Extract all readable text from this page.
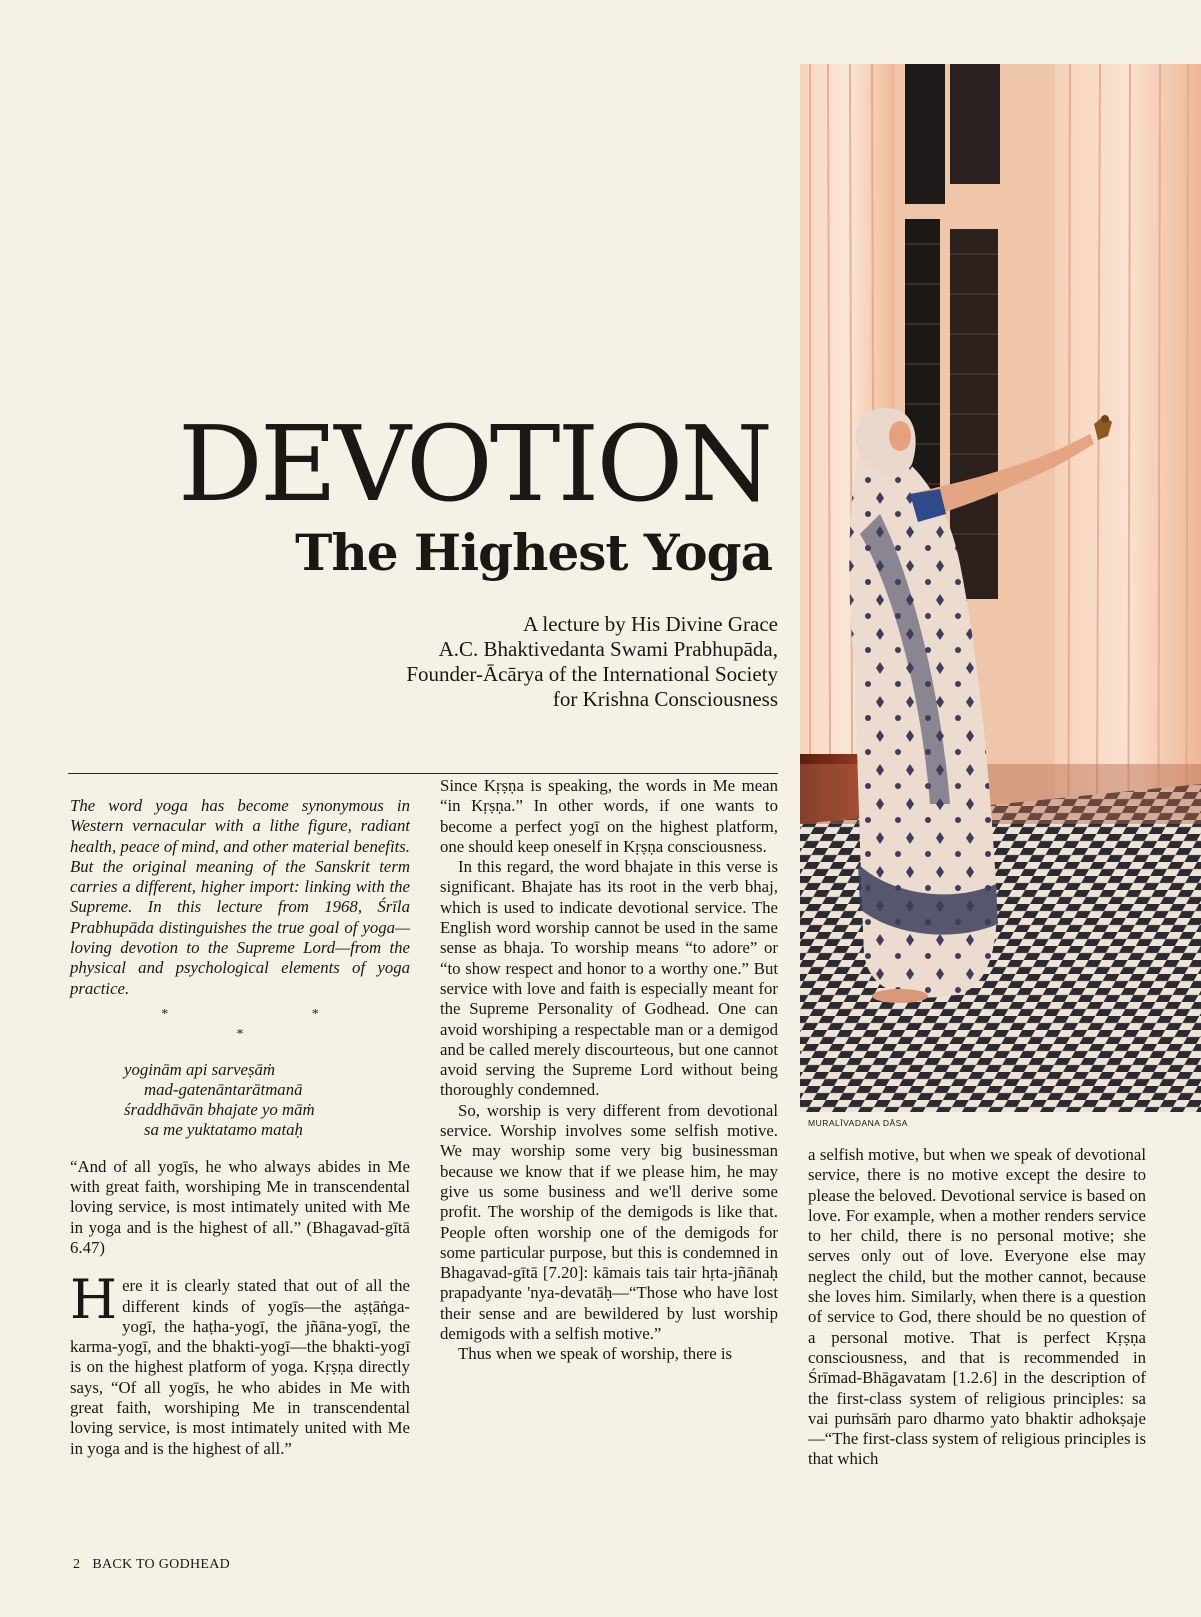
DEVOTION
The Highest Yoga
A lecture by His Divine Grace
A.C. Bhaktivedanta Swami Prabhupāda,
Founder-Ācārya of the International Society
for Krishna Consciousness

The word yoga has become synonymous in Western vernacular with a lithe figure, radiant health, peace of mind, and other material benefits. But the original meaning of the Sanskrit term carries a different, higher import: linking with the Supreme. In this lecture from 1968, Śrīla Prabhupāda distinguishes the true goal of yoga—loving devotion to the Supreme Lord—from the physical and psychological elements of yoga practice.

* * *

yoginām api sarveṣāṁ
mad-gatenāntarātmanā
śraddhāvān bhajate yo māṁ
sa me yuktatamo mataḥ

“And of all yogīs, he who always abides in Me with great faith, worshiping Me in transcendental loving service, is most intimately united with Me in yoga and is the highest of all.” (Bhagavad-gītā 6.47)

Here it is clearly stated that out of all the different kinds of yogīs—the aṣṭāṅga-yogī, the haṭha-yogī, the jñāna-yogī, the karma-yogī, and the bhakti-yogī—the bhakti-yogī is on the highest platform of yoga. Kṛṣṇa directly says, “Of all yogīs, he who abides in Me with great faith, worshiping Me in transcendental loving service, is most intimately united with Me in yoga and is the highest of all.”

Since Kṛṣṇa is speaking, the words in Me mean “in Kṛṣṇa.” In other words, if one wants to become a perfect yogī on the highest platform, one should keep oneself in Kṛṣṇa consciousness.

In this regard, the word bhajate in this verse is significant. Bhajate has its root in the verb bhaj, which is used to indicate devotional service. The English word worship cannot be used in the same sense as bhaja. To worship means “to adore” or “to show respect and honor to a worthy one.” But service with love and faith is especially meant for the Supreme Personality of Godhead. One can avoid worshiping a respectable man or a demigod and be called merely discourteous, but one cannot avoid serving the Supreme Lord without being thoroughly condemned.

So, worship is very different from devotional service. Worship involves some selfish motive. We may worship some very big businessman because we know that if we please him, he may give us some business and we'll derive some profit. The worship of the demigods is like that. People often worship one of the demigods for some particular purpose, but this is condemned in Bhagavad-gītā [7.20]: kāmais tais tair hṛta-jñānaḥ prapadyante 'nya-devatāḥ—“Those who have lost their sense and are bewildered by lust worship demigods with a selfish motive.”

Thus when we speak of worship, there is

a selfish motive, but when we speak of devotional service, there is no motive except the desire to please the beloved. Devotional service is based on love. For example, when a mother renders service to her child, there is no personal motive; she serves only out of love. Everyone else may neglect the child, but the mother cannot, because she loves him. Similarly, when there is a question of service to God, there should be no question of a personal motive. That is perfect Kṛṣṇa consciousness, and that is recommended in Śrīmad-Bhāgavatam [1.2.6] in the description of the first-class system of religious principles: sa vai puṁsāṁ paro dharmo yato bhaktir adhokṣaje—“The first-class system of religious principles is that which

MURALĪVADANA DĀSA
2 BACK TO GODHEAD
